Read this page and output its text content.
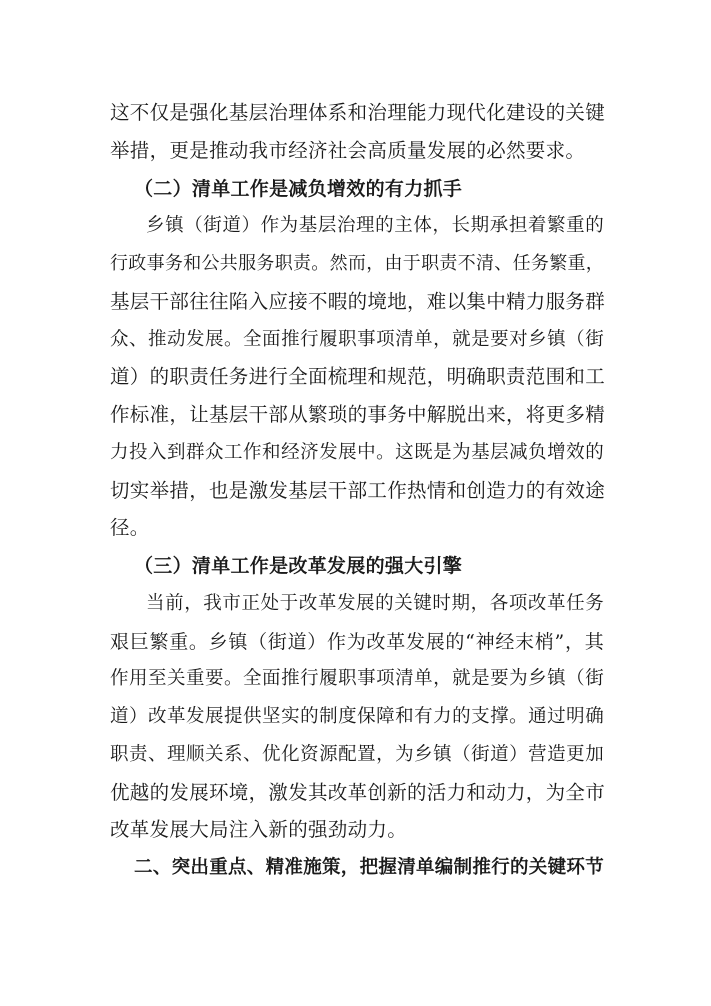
这不仅是强化基层治理体系和治理能力现代化建设的关键
举措，更是推动我市经济社会高质量发展的必然要求。
（二）清单工作是减负增效的有力抓手
乡镇（街道）作为基层治理的主体，长期承担着繁重的
行政事务和公共服务职责。然而，由于职责不清、任务繁重，
基层干部往往陷入应接不暇的境地，难以集中精力服务群
众、推动发展。全面推行履职事项清单，就是要对乡镇（街
道）的职责任务进行全面梳理和规范，明确职责范围和工
作标准，让基层干部从繁琐的事务中解脱出来，将更多精
力投入到群众工作和经济发展中。这既是为基层减负增效的
切实举措，也是激发基层干部工作热情和创造力的有效途
径。
（三）清单工作是改革发展的强大引擎
当前，我市正处于改革发展的关键时期，各项改革任务
艰巨繁重。乡镇（街道）作为改革发展的“神经末梢”，其
作用至关重要。全面推行履职事项清单，就是要为乡镇（街
道）改革发展提供坚实的制度保障和有力的支撑。通过明确
职责、理顺关系、优化资源配置，为乡镇（街道）营造更加
优越的发展环境，激发其改革创新的活力和动力，为全市
改革发展大局注入新的强劲动力。
二、突出重点、精准施策，把握清单编制推行的关键环节
